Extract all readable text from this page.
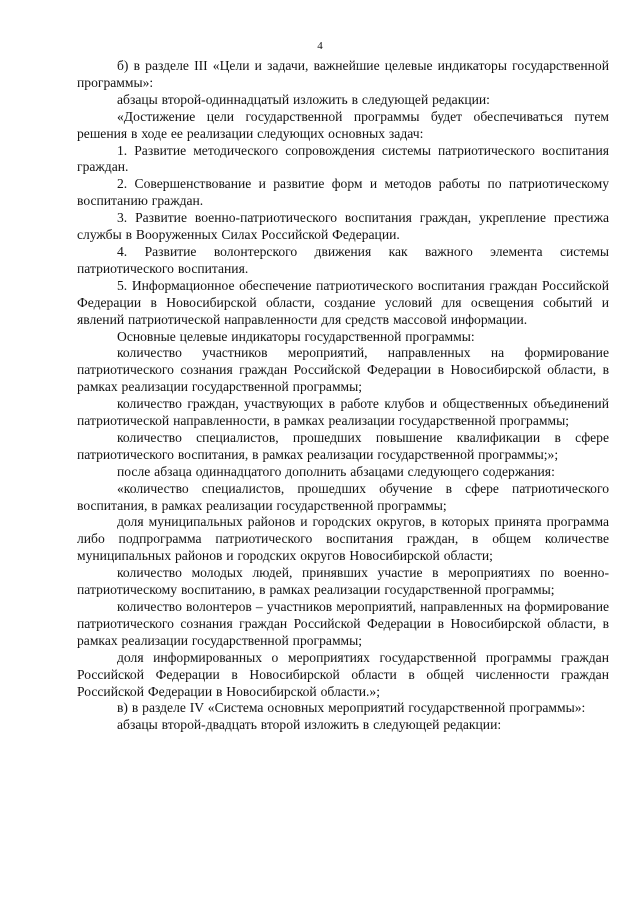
4

б) в разделе III «Цели и задачи, важнейшие целевые индикаторы государственной программы»:

абзацы второй-одиннадцатый изложить в следующей редакции:

«Достижение цели государственной программы будет обеспечиваться путем решения в ходе ее реализации следующих основных задач:

1. Развитие методического сопровождения системы патриотического воспитания граждан.

2. Совершенствование и развитие форм и методов работы по патриотическому воспитанию граждан.

3. Развитие военно-патриотического воспитания граждан, укрепление престижа службы в Вооруженных Силах Российской Федерации.

4. Развитие волонтерского движения как важного элемента системы патриотического воспитания.

5. Информационное обеспечение патриотического воспитания граждан Российской Федерации в Новосибирской области, создание условий для освещения событий и явлений патриотической направленности для средств массовой информации.

Основные целевые индикаторы государственной программы:

количество участников мероприятий, направленных на формирование патриотического сознания граждан Российской Федерации в Новосибирской области, в рамках реализации государственной программы;

количество граждан, участвующих в работе клубов и общественных объединений патриотической направленности, в рамках реализации государственной программы;

количество специалистов, прошедших повышение квалификации в сфере патриотического воспитания, в рамках реализации государственной программы;»;

после абзаца одиннадцатого дополнить абзацами следующего содержания:

«количество специалистов, прошедших обучение в сфере патриотического воспитания, в рамках реализации государственной программы;

доля муниципальных районов и городских округов, в которых принята программа либо подпрограмма патриотического воспитания граждан, в общем количестве муниципальных районов и городских округов Новосибирской области;

количество молодых людей, принявших участие в мероприятиях по военно-патриотическому воспитанию, в рамках реализации государственной программы;

количество волонтеров – участников мероприятий, направленных на формирование патриотического сознания граждан Российской Федерации в Новосибирской области, в рамках реализации государственной программы;

доля информированных о мероприятиях государственной программы граждан Российской Федерации в Новосибирской области в общей численности граждан Российской Федерации в Новосибирской области.»;

в) в разделе IV «Система основных мероприятий государственной программы»:

абзацы второй-двадцать второй изложить в следующей редакции:
